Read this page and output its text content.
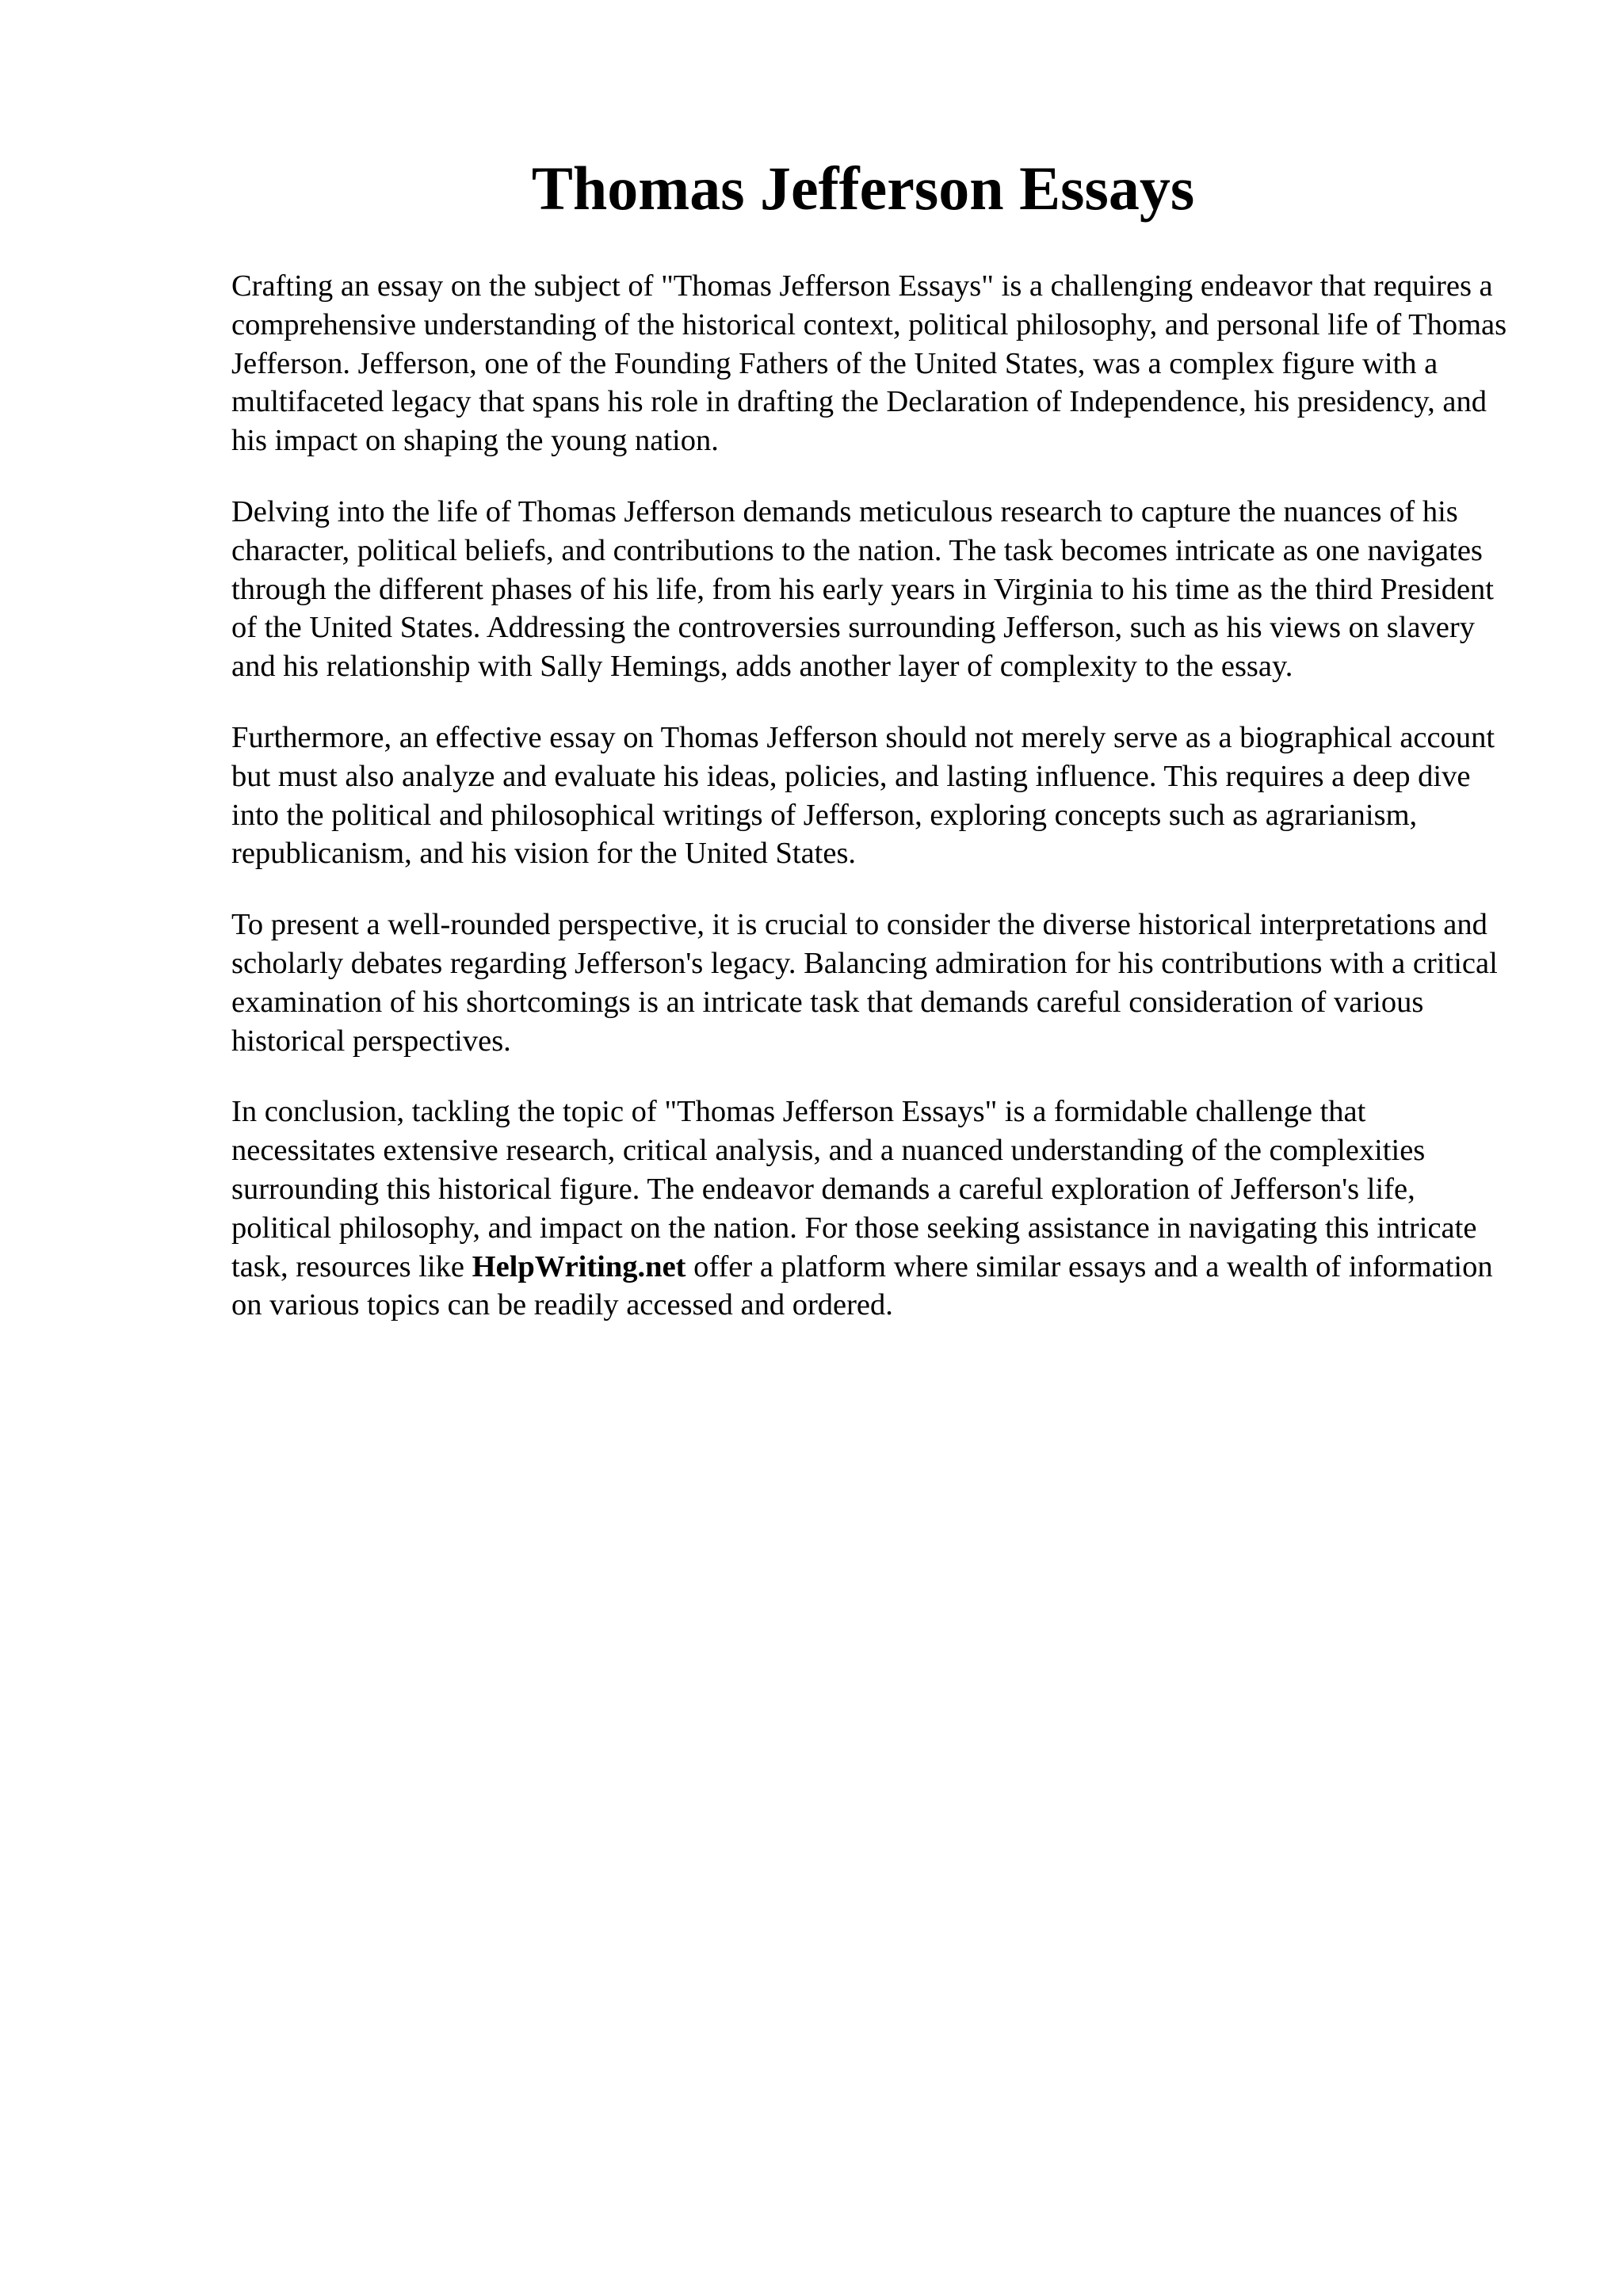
Thomas Jefferson Essays

Crafting an essay on the subject of "Thomas Jefferson Essays" is a challenging endeavor that requires a comprehensive understanding of the historical context, political philosophy, and personal life of Thomas Jefferson. Jefferson, one of the Founding Fathers of the United States, was a complex figure with a multifaceted legacy that spans his role in drafting the Declaration of Independence, his presidency, and his impact on shaping the young nation.

Delving into the life of Thomas Jefferson demands meticulous research to capture the nuances of his character, political beliefs, and contributions to the nation. The task becomes intricate as one navigates through the different phases of his life, from his early years in Virginia to his time as the third President of the United States. Addressing the controversies surrounding Jefferson, such as his views on slavery and his relationship with Sally Hemings, adds another layer of complexity to the essay.

Furthermore, an effective essay on Thomas Jefferson should not merely serve as a biographical account but must also analyze and evaluate his ideas, policies, and lasting influence. This requires a deep dive into the political and philosophical writings of Jefferson, exploring concepts such as agrarianism, republicanism, and his vision for the United States.

To present a well-rounded perspective, it is crucial to consider the diverse historical interpretations and scholarly debates regarding Jefferson's legacy. Balancing admiration for his contributions with a critical examination of his shortcomings is an intricate task that demands careful consideration of various historical perspectives.

In conclusion, tackling the topic of "Thomas Jefferson Essays" is a formidable challenge that necessitates extensive research, critical analysis, and a nuanced understanding of the complexities surrounding this historical figure. The endeavor demands a careful exploration of Jefferson's life, political philosophy, and impact on the nation. For those seeking assistance in navigating this intricate task, resources like HelpWriting.net offer a platform where similar essays and a wealth of information on various topics can be readily accessed and ordered.
